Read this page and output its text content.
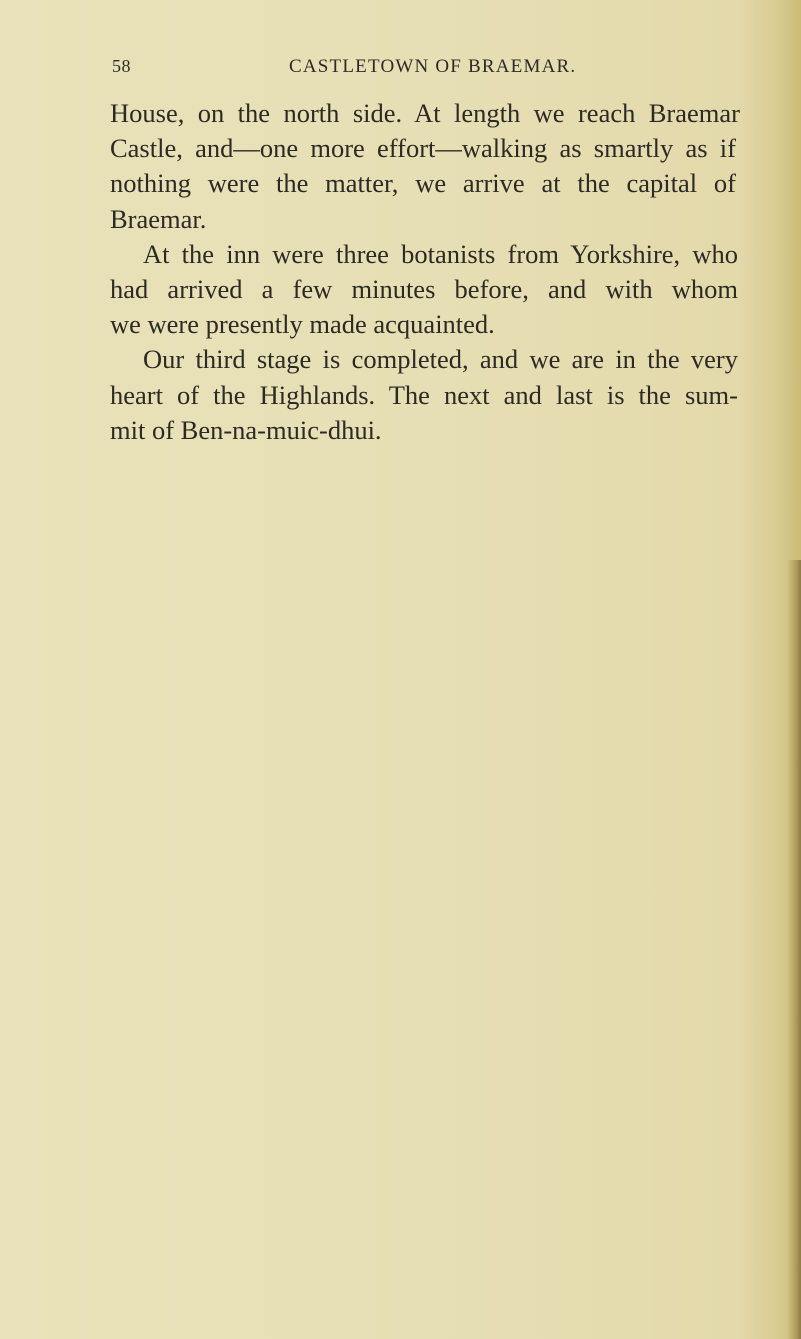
58	CASTLETOWN OF BRAEMAR.
House, on the north side. At length we reach Braemar
Castle, and—one more effort—walking as smartly as if
nothing were the matter, we arrive at the capital of
Braemar.
At the inn were three botanists from Yorkshire, who
had arrived a few minutes before, and with whom
we were presently made acquainted.
Our third stage is completed, and we are in the very
heart of the Highlands. The next and last is the sum-
mit of Ben-na-muic-dhui.
